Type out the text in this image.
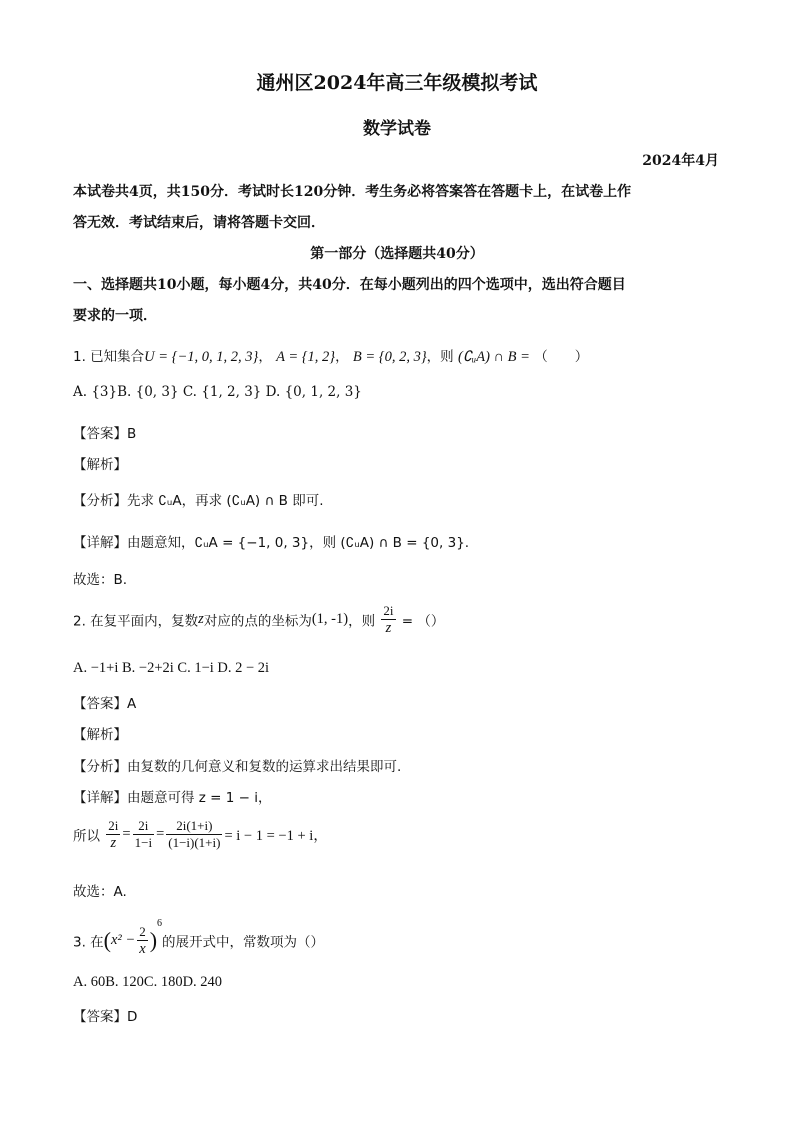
通州区2024年高三年级模拟考试
数学试卷
2024年4月
本试卷共4页，共150分．考试时长120分钟．考生务必将答案答在答题卡上，在试卷上作
答无效．考试结束后，请将答题卡交回．
第一部分（选择题共40分）
一、选择题共10小题，每小题4分，共40分．在每小题列出的四个选项中，选出符合题目
要求的一项．
1. 已知集合U = {−1, 0, 1, 2, 3}， A = {1, 2}， B = {0, 2, 3}，则 (∁ᵤA) ∩ B = （　　）
A. {3}B. {0, 3} C. {1, 2, 3} D. {0, 1, 2, 3}
【答案】B
【解析】
【分析】先求 ∁ᵤA，再求 (∁ᵤA) ∩ B 即可.
【详解】由题意知，∁ᵤA = {−1, 0, 3}，则 (∁ᵤA) ∩ B = {0, 3}.
故选：B.
2. 在复平面内，复数z对应的点的坐标为(1, -1)，则 $\frac{2i}{z}$ = （）
A. −1+i B. −2+2i C. 1−i D. 2 − 2i
【答案】A
【解析】
【分析】由复数的几何意义和复数的运算求出结果即可.
【详解】由题意可得 z = 1 − i，
所以 $\frac{2i}{z} = \frac{2i}{1-i} = \frac{2i(1+i)}{(1-i)(1+i)} = i - 1 = -1 + i$，
故选：A.
3. 在$(x^2 - \frac{2}{x} )^6$的展开式中，常数项为（）
A. 60B. 120C. 180D. 240
【答案】D
